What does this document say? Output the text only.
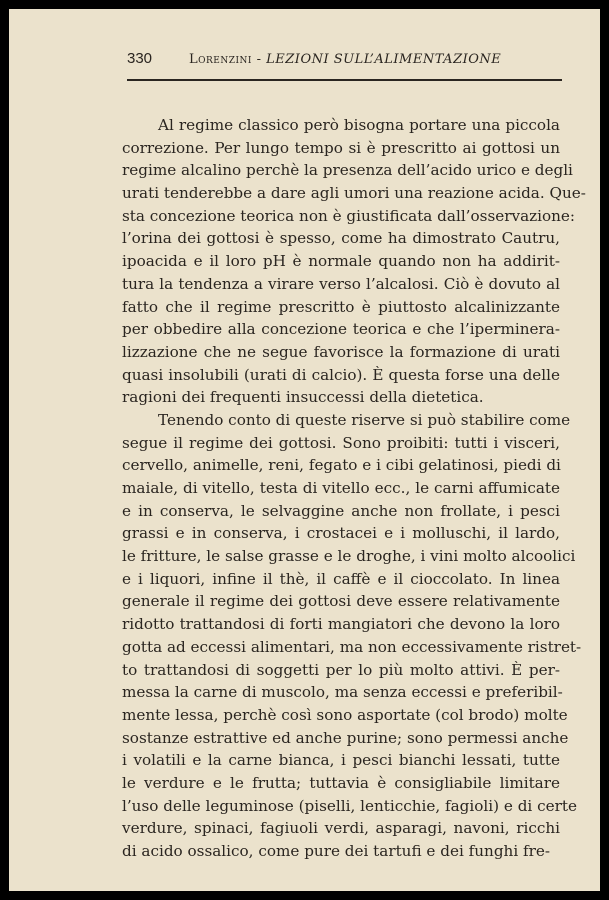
330	Lorenzini - LEZIONI SULL’ALIMENTAZIONE
Al regime classico però bisogna portare una piccola
correzione. Per lungo tempo si è prescritto ai gottosi un
regime alcalino perchè la presenza dell’acido urico e degli
urati tenderebbe a dare agli umori una reazione acida. Que-
sta concezione teorica non è giustificata dall’osservazione:
l’orina dei gottosi è spesso, come ha dimostrato Cautru,
ipoacida e il loro pH è normale quando non ha addirit-
tura la tendenza a virare verso l’alcalosi. Ciò è dovuto al
fatto che il regime prescritto è piuttosto alcalinizzante
per obbedire alla concezione teorica e che l’iperminera-
lizzazione che ne segue favorisce la formazione di urati
quasi insolubili (urati di calcio). È questa forse una delle
ragioni dei frequenti insuccessi della dietetica.
Tenendo conto di queste riserve si può stabilire come
segue il regime dei gottosi. Sono proibiti: tutti i visceri,
cervello, animelle, reni, fegato e i cibi gelatinosi, piedi di
maiale, di vitello, testa di vitello ecc., le carni affumicate
e in conserva, le selvaggine anche non frollate, i pesci
grassi e in conserva, i crostacei e i molluschi, il lardo,
le fritture, le salse grasse e le droghe, i vini molto alcoolici
e i liquori, infine il thè, il caffè e il cioccolato. In linea
generale il regime dei gottosi deve essere relativamente
ridotto trattandosi di forti mangiatori che devono la loro
gotta ad eccessi alimentari, ma non eccessivamente ristret-
to trattandosi di soggetti per lo più molto attivi. È per-
messa la carne di muscolo, ma senza eccessi e preferibil-
mente lessa, perchè così sono asportate (col brodo) molte
sostanze estrattive ed anche purine; sono permessi anche
i volatili e la carne bianca, i pesci bianchi lessati, tutte
le verdure e le frutta; tuttavia è consigliabile limitare
l’uso delle leguminose (piselli, lenticchie, fagioli) e di certe
verdure, spinaci, fagiuoli verdi, asparagi, navoni, ricchi
di acido ossalico, come pure dei tartufi e dei funghi fre-
